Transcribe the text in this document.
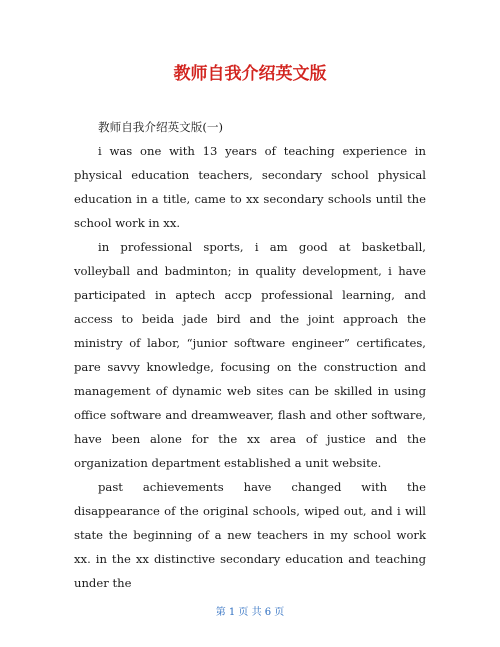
教师自我介绍英文版

教师自我介绍英文版(一)

i was one with 13 years of teaching experience in physical education teachers, secondary school physical education in a title, came to xx secondary schools until the school work in xx.

in professional sports, i am good at basketball, volleyball and badminton; in quality development, i have participated in aptech accp professional learning, and access to beida jade bird and the joint approach the ministry of labor, “junior software engineer” certificates, pare savvy knowledge, focusing on the construction and management of dynamic web sites can be skilled in using office software and dreamweaver, flash and other software, have been alone for the xx area of justice and the organization department established a unit website.

past achievements have changed with the disappearance of the original schools, wiped out, and i will state the beginning of a new teachers in my school work xx. in the xx distinctive secondary education and teaching under the

第 1 页 共 6 页
